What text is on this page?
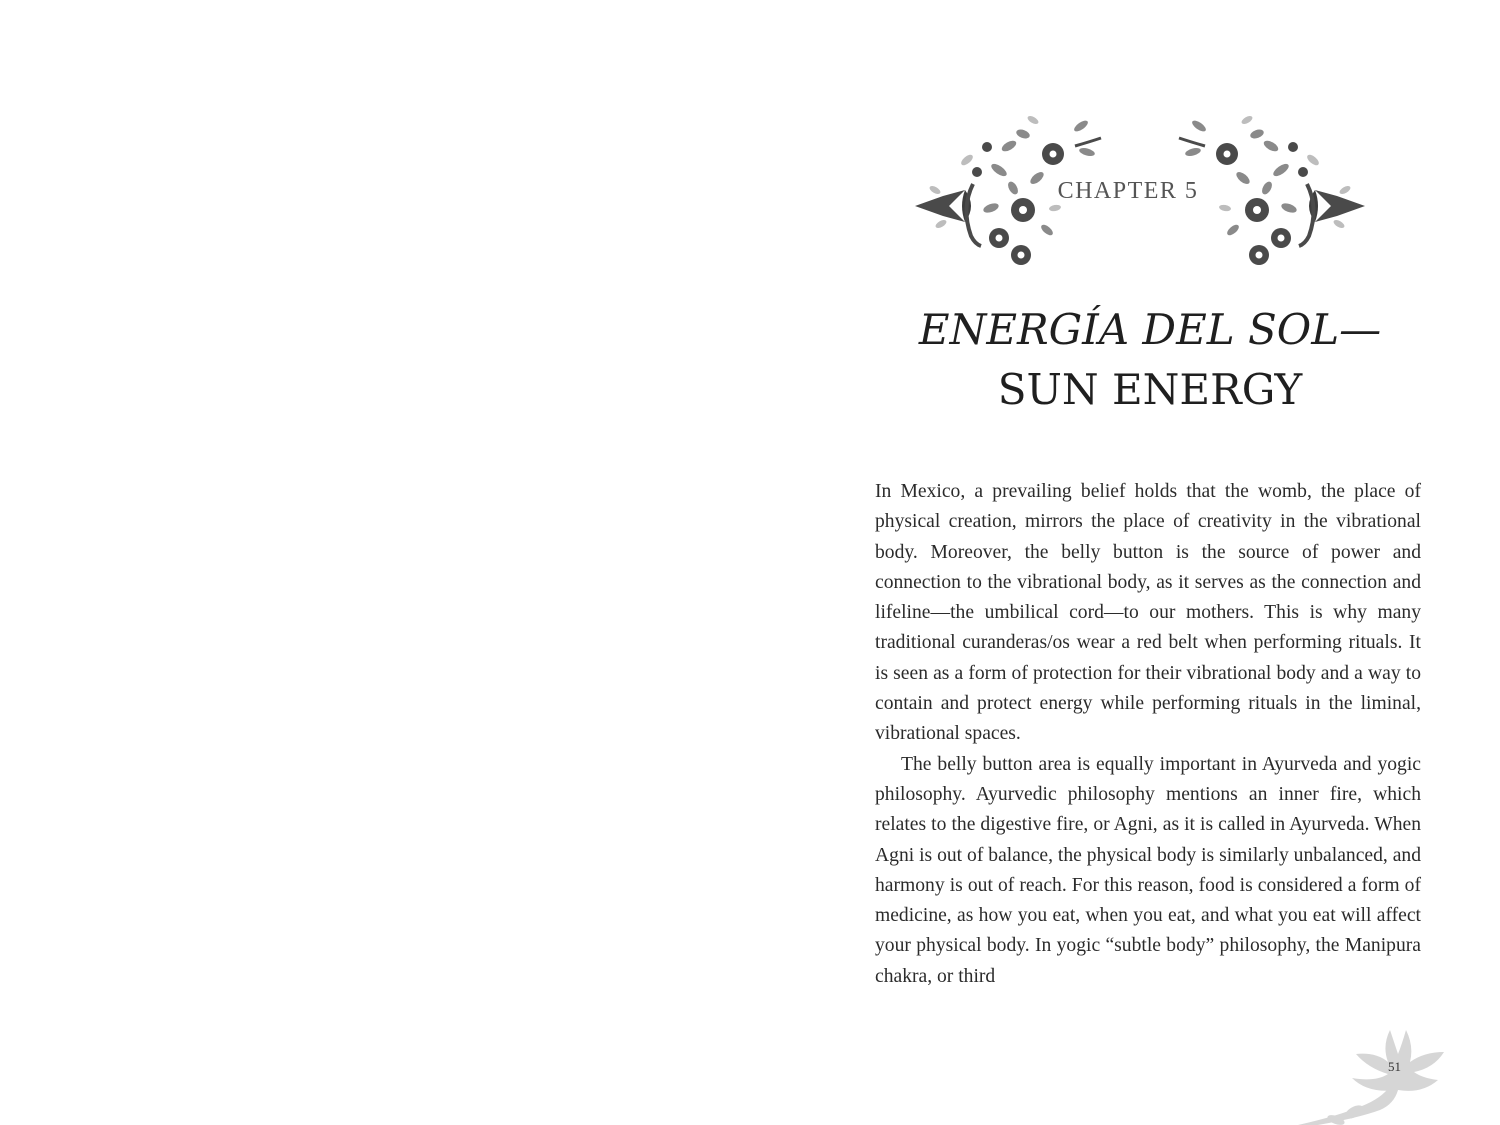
CHAPTER 5
ENERGÍA DEL SOL—
SUN ENERGY

In Mexico, a prevailing belief holds that the womb, the place of physical creation, mirrors the place of creativity in the vibrational body. Moreover, the belly button is the source of power and connection to the vibrational body, as it serves as the connection and lifeline—the umbilical cord—to our mothers. This is why many traditional curanderas/os wear a red belt when performing rituals. It is seen as a form of protection for their vibrational body and a way to contain and protect energy while performing rituals in the liminal, vibrational spaces.

The belly button area is equally important in Ayurveda and yogic philosophy. Ayurvedic philosophy mentions an inner fire, which relates to the digestive fire, or Agni, as it is called in Ayurveda. When Agni is out of balance, the physical body is similarly unbalanced, and harmony is out of reach. For this reason, food is considered a form of medicine, as how you eat, when you eat, and what you eat will affect your physical body. In yogic “subtle body” philosophy, the Manipura chakra, or third

51
